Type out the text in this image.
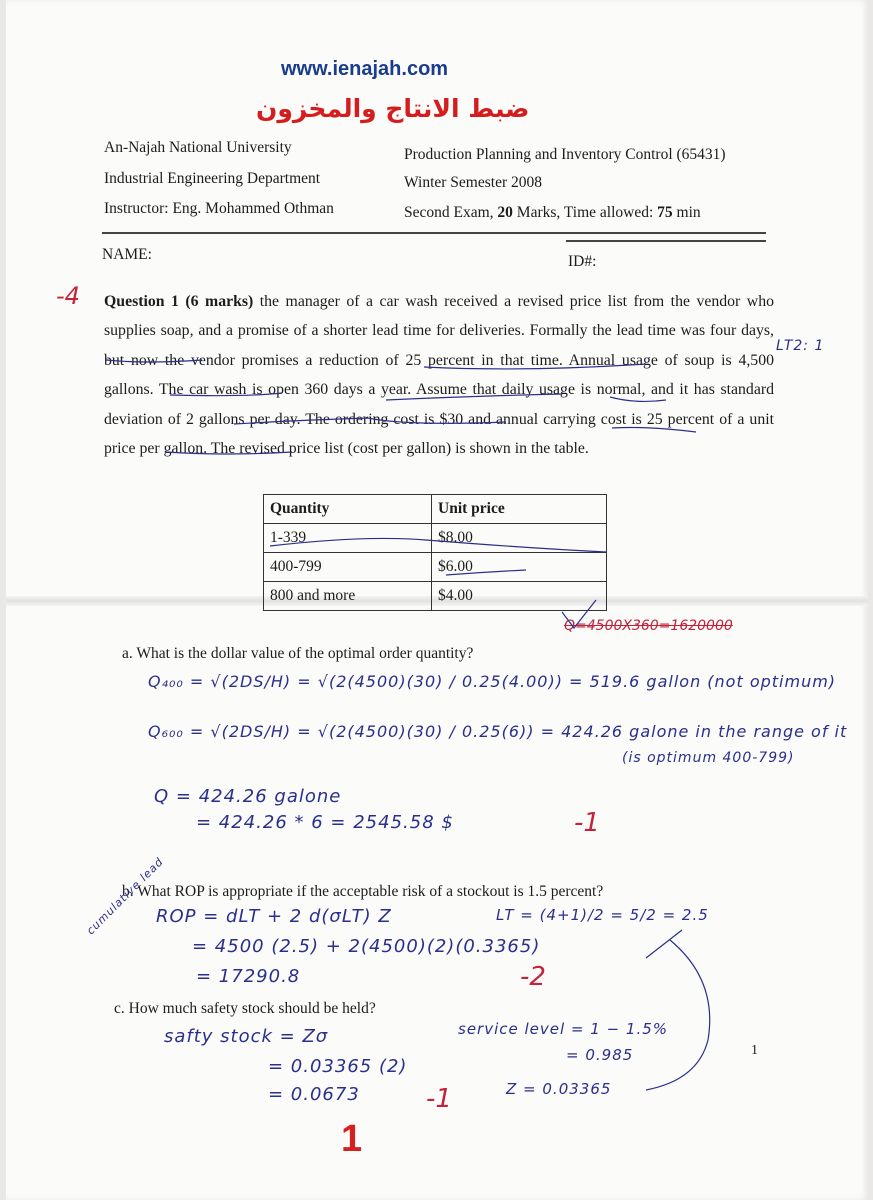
www.ienajah.com
ضبط الانتاج والمخزون
An-Najah National University
Industrial Engineering Department
Instructor: Eng. Mohammed Othman
Production Planning and Inventory Control (65431)
Winter Semester 2008
Second Exam, 20 Marks, Time allowed: 75 min
NAME:	ID#:
-4 Question 1 (6 marks) the manager of a car wash received a revised price list from the vendor who supplies soap, and a promise of a shorter lead time for deliveries. Formally the lead time was four days, but now the vendor promises a reduction of 25 percent in that time. Annual usage of soup is 4,500 gallons. The car wash is open 360 days a year. Assume that daily usage is normal, and it has standard deviation of 2 gallons per day. The ordering cost is $30 and annual carrying cost is 25 percent of a unit price per gallon. The revised price list (cost per gallon) is shown in the table.
LT2: 1
Quantity	Unit price
1-339	$8.00
400-799	$6.00
800 and more	$4.00
Q=4500X360=1620000
a. What is the dollar value of the optimal order quantity?
Q₄₀₀ = √(2DS/H) = √(2(4500)(30) / 0.25(4.00)) = 519.6 gallon (not optimum)
Q₆₀₀ = √(2DS/H) = √(2(4500)(30) / 0.25(6)) = 424.26 galone in the range of it
(is optimum 400-799)
Q = 424.26 galone
= 424.26 * 6 = 2545.58 $	-1
b. What ROP is appropriate if the acceptable risk of a stockout is 1.5 percent?
cumulative lead
ROP = dLT + 2 d(σLT) Z	LT = (4+1)/2 = 5/2 = 2.5
= 4500 (2.5) + 2(4500)(2)(0.3365)
= 17290.8	-2
c. How much safety stock should be held?
safty stock = Zσ	service level = 1 − 1.5%
= 0.03365 (2)
= 0.985
= 0.0673	Z = 0.03365
-1
1
1
